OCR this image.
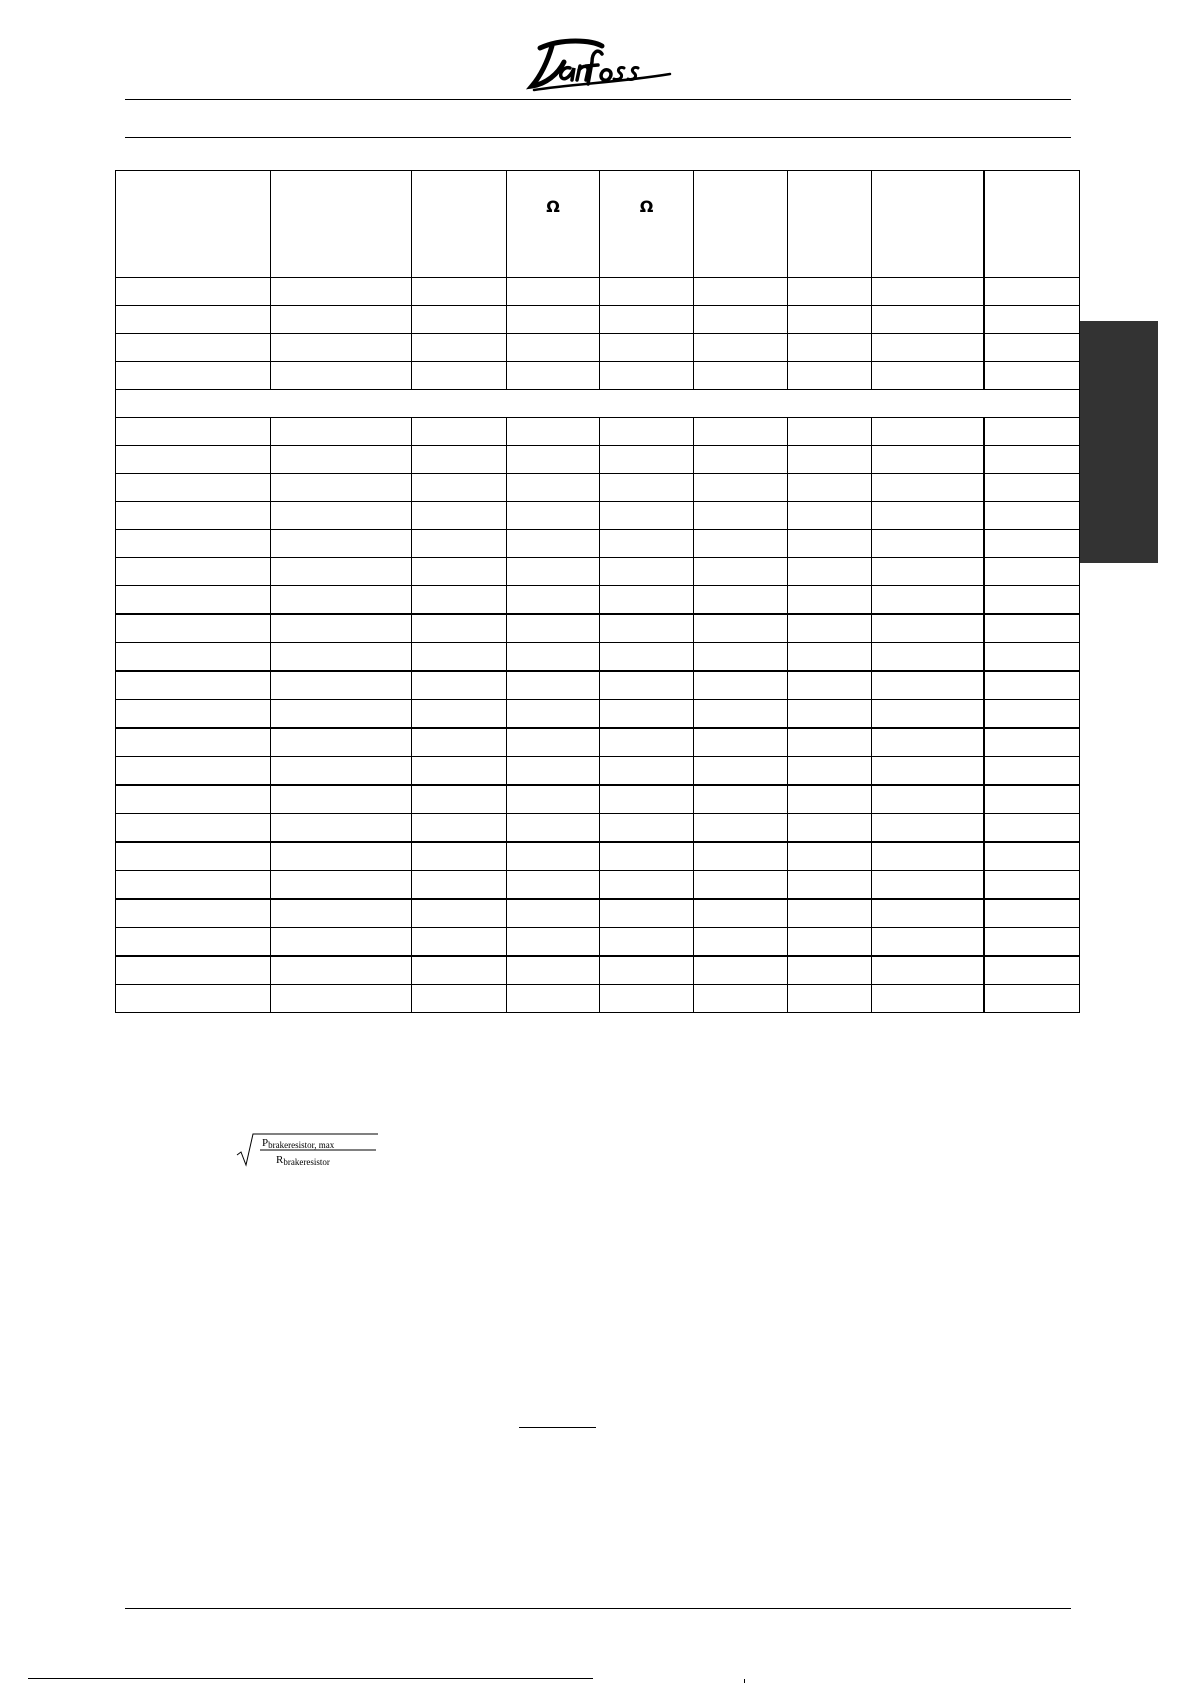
			Ω	Ω				

Pbrakeresistor, max
Rbrakeresistor
